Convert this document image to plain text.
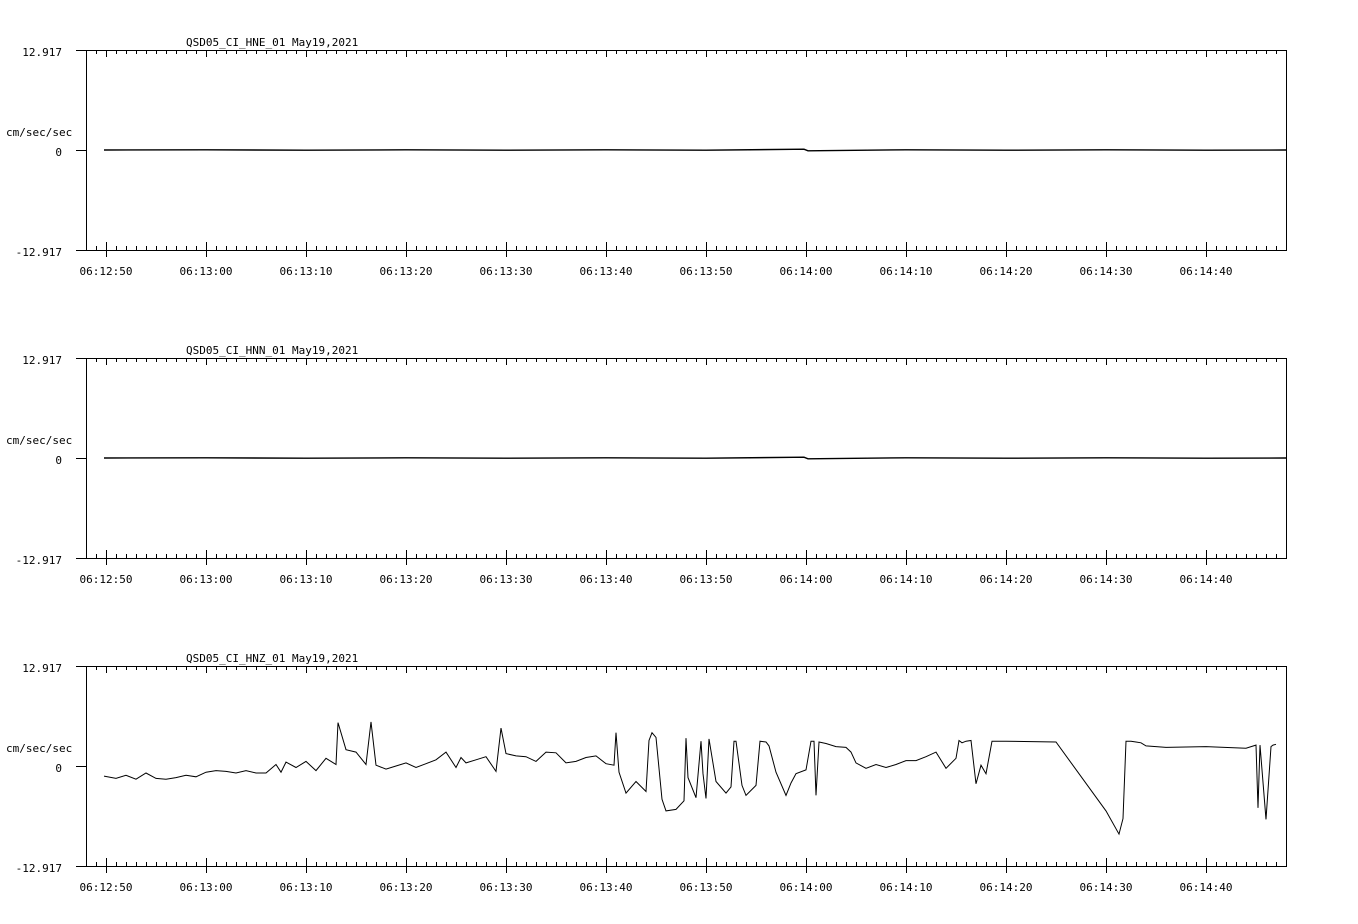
QSD05_CI_HNE_01 May19,2021
cm/sec/sec
12.917
0
-12.917
06:12:50	06:13:00	06:13:10	06:13:20	06:13:30	06:13:40	06:13:50	06:14:00	06:14:10	06:14:20	06:14:30	06:14:40
QSD05_CI_HNN_01 May19,2021
cm/sec/sec
12.917
0
-12.917
06:12:50	06:13:00	06:13:10	06:13:20	06:13:30	06:13:40	06:13:50	06:14:00	06:14:10	06:14:20	06:14:30	06:14:40
QSD05_CI_HNZ_01 May19,2021
cm/sec/sec
12.917
0
-12.917
06:12:50	06:13:00	06:13:10	06:13:20	06:13:30	06:13:40	06:13:50	06:14:00	06:14:10	06:14:20	06:14:30	06:14:40
